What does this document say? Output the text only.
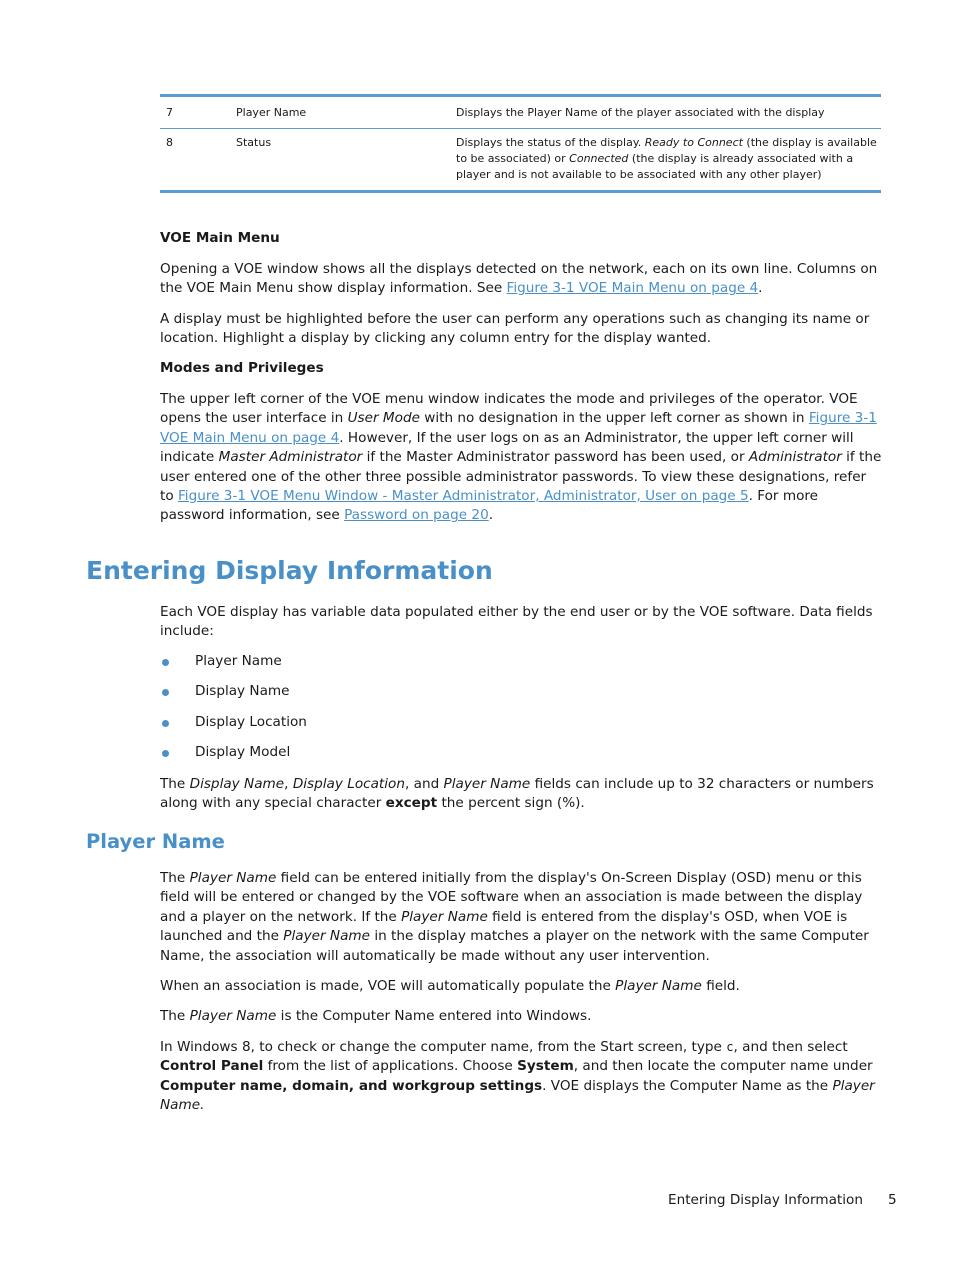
7	Player Name	Displays the Player Name of the player associated with the display
8	Status	Displays the status of the display. Ready to Connect (the display is available to be associated) or Connected (the display is already associated with a player and is not available to be associated with any other player)
VOE Main Menu

Opening a VOE window shows all the displays detected on the network, each on its own line. Columns on the VOE Main Menu show display information. See Figure 3-1 VOE Main Menu on page 4.

A display must be highlighted before the user can perform any operations such as changing its name or location. Highlight a display by clicking any column entry for the display wanted.

Modes and Privileges

The upper left corner of the VOE menu window indicates the mode and privileges of the operator. VOE opens the user interface in User Mode with no designation in the upper left corner as shown in Figure 3-1 VOE Main Menu on page 4. However, If the user logs on as an Administrator, the upper left corner will indicate Master Administrator if the Master Administrator password has been used, or Administrator if the user entered one of the other three possible administrator passwords. To view these designations, refer to Figure 3-1 VOE Menu Window - Master Administrator, Administrator, User on page 5. For more password information, see Password on page 20.

Entering Display Information

Each VOE display has variable data populated either by the end user or by the VOE software. Data fields include:

Player Name
Display Name
Display Location
Display Model

The Display Name, Display Location, and Player Name fields can include up to 32 characters or numbers along with any special character except the percent sign (%).

Player Name

The Player Name field can be entered initially from the display's On-Screen Display (OSD) menu or this field will be entered or changed by the VOE software when an association is made between the display and a player on the network. If the Player Name field is entered from the display's OSD, when VOE is launched and the Player Name in the display matches a player on the network with the same Computer Name, the association will automatically be made without any user intervention.

When an association is made, VOE will automatically populate the Player Name field.

The Player Name is the Computer Name entered into Windows.

In Windows 8, to check or change the computer name, from the Start screen, type c, and then select Control Panel from the list of applications. Choose System, and then locate the computer name under Computer name, domain, and workgroup settings. VOE displays the Computer Name as the Player Name.

Entering Display Information 5
